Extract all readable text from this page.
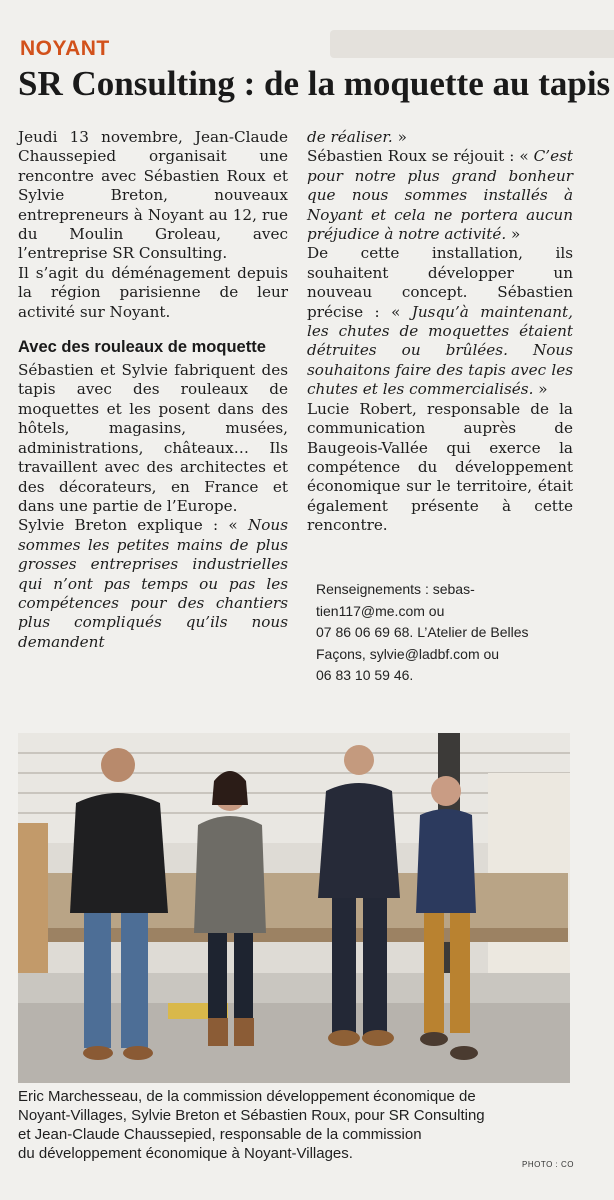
NOYANT
SR Consulting : de la moquette au tapis

Jeudi 13 novembre, Jean-Claude Chaussepied organisait une rencontre avec Sébastien Roux et Sylvie Breton, nouveaux entrepreneurs à Noyant au 12, rue du Moulin Groleau, avec l’entreprise SR Consulting.

Il s’agit du déménagement depuis la région parisienne de leur activité sur Noyant.

Avec des rouleaux de moquette

Sébastien et Sylvie fabriquent des tapis avec des rouleaux de moquettes et les posent dans des hôtels, magasins, musées, administrations, châteaux… Ils travaillent avec des architectes et des décorateurs, en France et dans une partie de l’Europe.

Sylvie Breton explique : « Nous sommes les petites mains de plus grosses entreprises industrielles qui n’ont pas temps ou pas les compétences pour des chantiers plus compliqués qu’ils nous demandent

de réaliser. »

Sébastien Roux se réjouit : « C’est pour notre plus grand bonheur que nous sommes installés à Noyant et cela ne portera aucun préjudice à notre activité. »

De cette installation, ils souhaitent développer un nouveau concept. Sébastien précise : « Jusqu’à maintenant, les chutes de moquettes étaient détruites ou brûlées. Nous souhaitons faire des tapis avec les chutes et les commercialisés. »

Lucie Robert, responsable de la communication auprès de Baugeois-Vallée qui exerce la compétence du développement économique sur le territoire, était également présente à cette rencontre.

Renseignements : sebas-
tien117@me.com ou
07 86 06 69 68. L’Atelier de Belles
Façons, sylvie@ladbf.com ou
06 83 10 59 46.
Eric Marchesseau, de la commission développement économique de
Noyant-Villages, Sylvie Breton et Sébastien Roux, pour SR Consulting
et Jean-Claude Chaussepied, responsable de la commission
du développement économique à Noyant-Villages.
PHOTO : CO
